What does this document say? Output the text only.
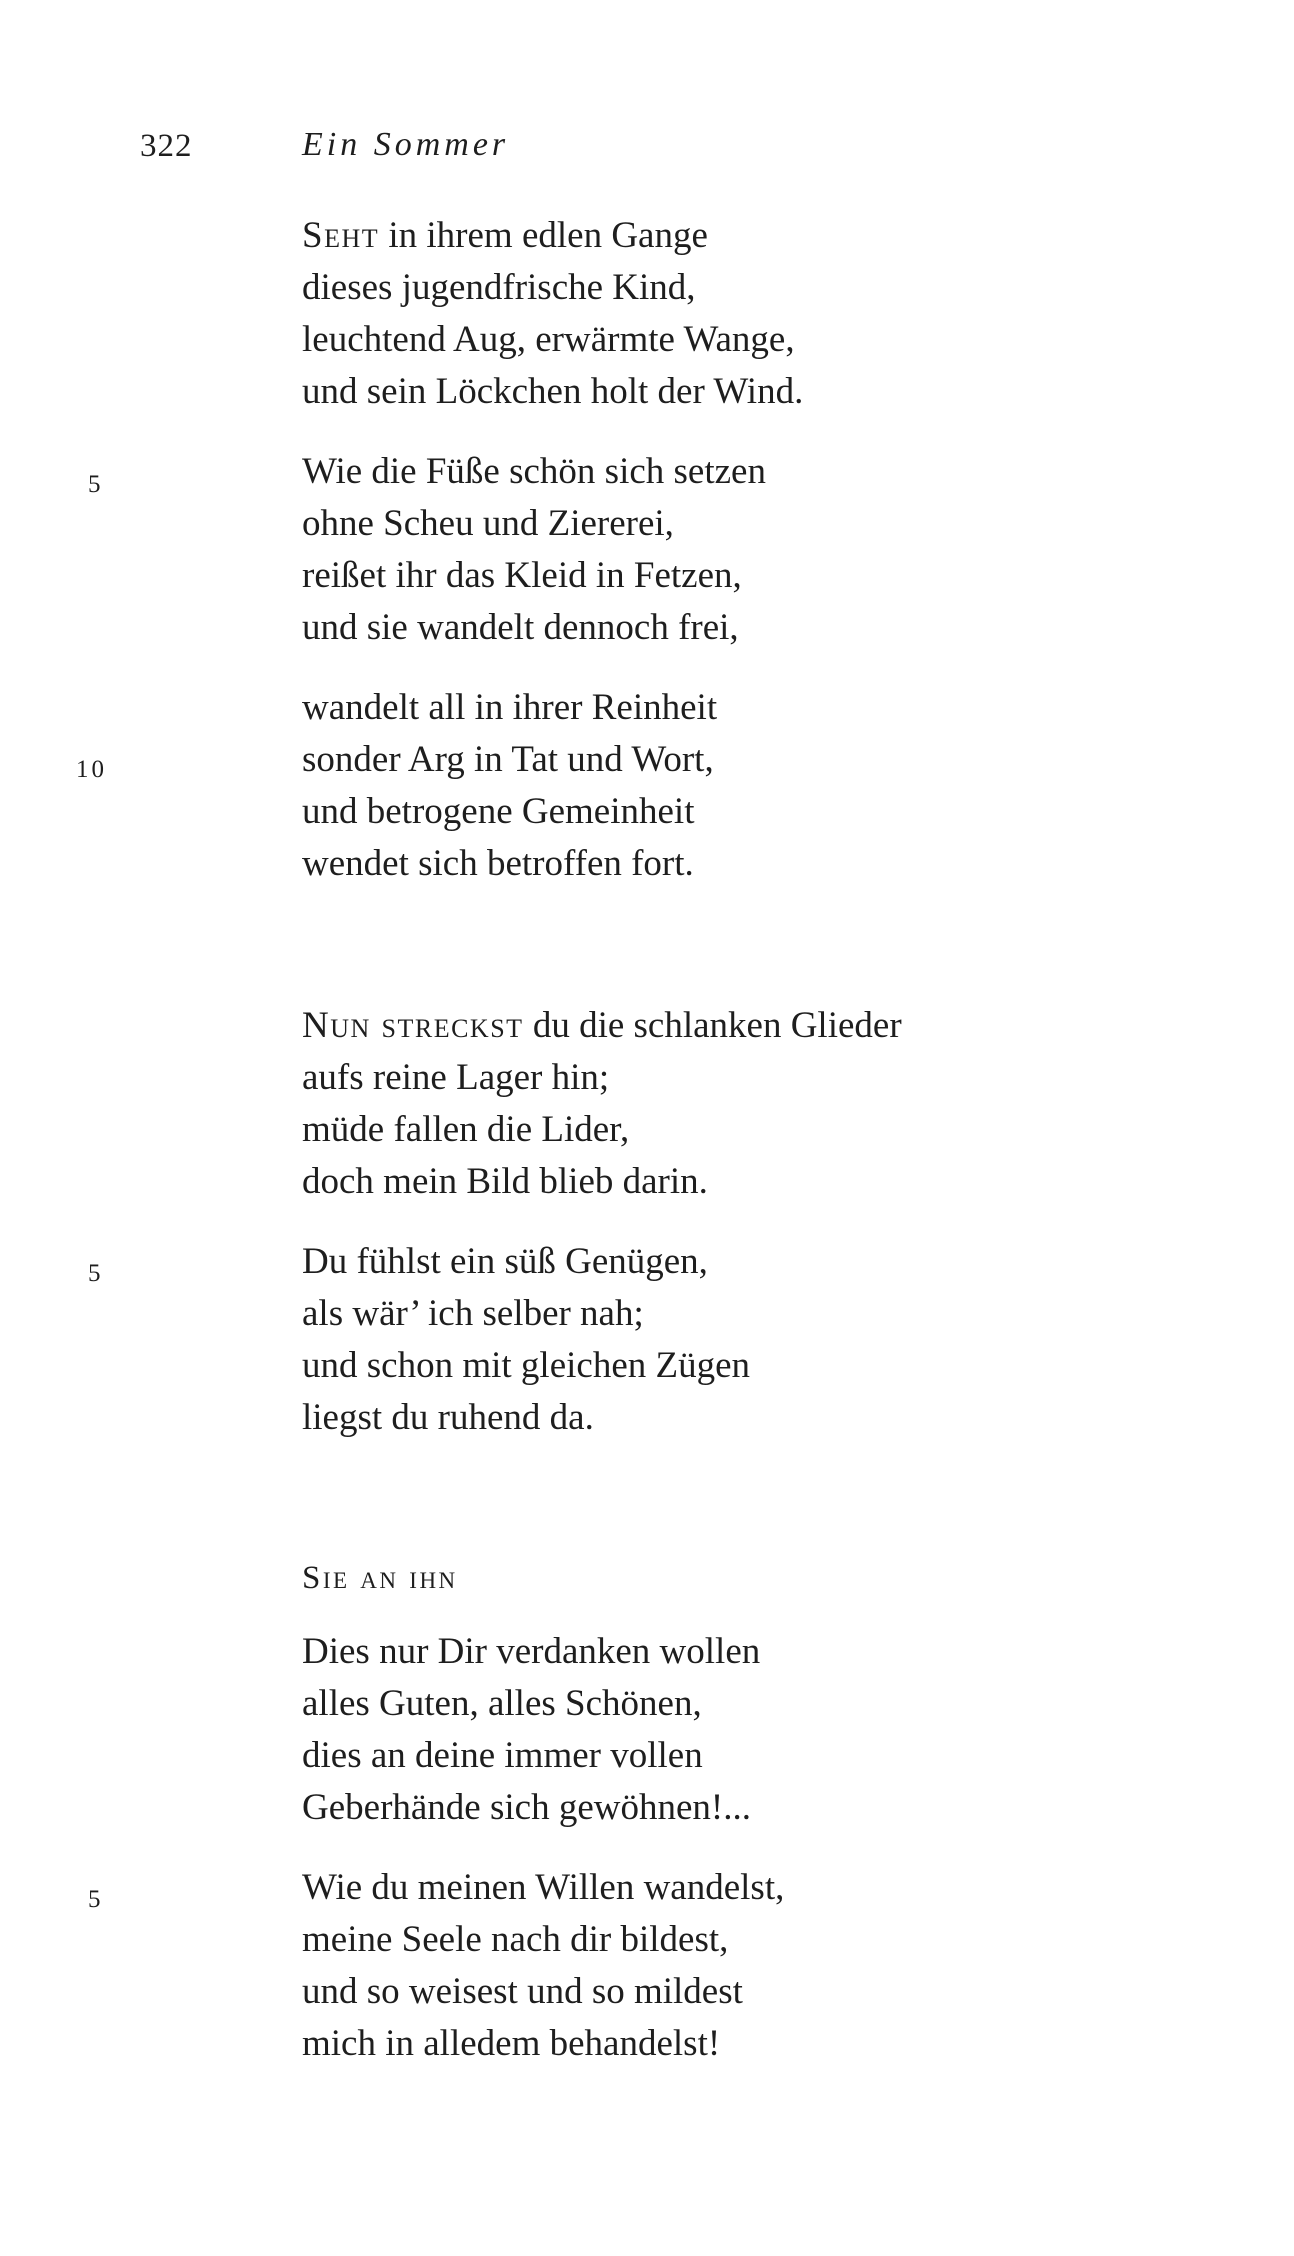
322	Ein Sommer
Seht in ihrem edlen Gange
dieses jugendfrische Kind,
leuchtend Aug, erwärmte Wange,
und sein Löckchen holt der Wind.
5	Wie die Füße schön sich setzen
ohne Scheu und Ziererei,
reißet ihr das Kleid in Fetzen,
und sie wandelt dennoch frei,
wandelt all in ihrer Reinheit
10	sonder Arg in Tat und Wort,
und betrogene Gemeinheit
wendet sich betroffen fort.
Nun streckst du die schlanken Glieder
aufs reine Lager hin;
müde fallen die Lider,
doch mein Bild blieb darin.
5	Du fühlst ein süß Genügen,
als wär’ ich selber nah;
und schon mit gleichen Zügen
liegst du ruhend da.
Sie an ihn
Dies nur Dir verdanken wollen
alles Guten, alles Schönen,
dies an deine immer vollen
Geberhände sich gewöhnen!...
5	Wie du meinen Willen wandelst,
meine Seele nach dir bildest,
und so weisest und so mildest
mich in alledem behandelst!
